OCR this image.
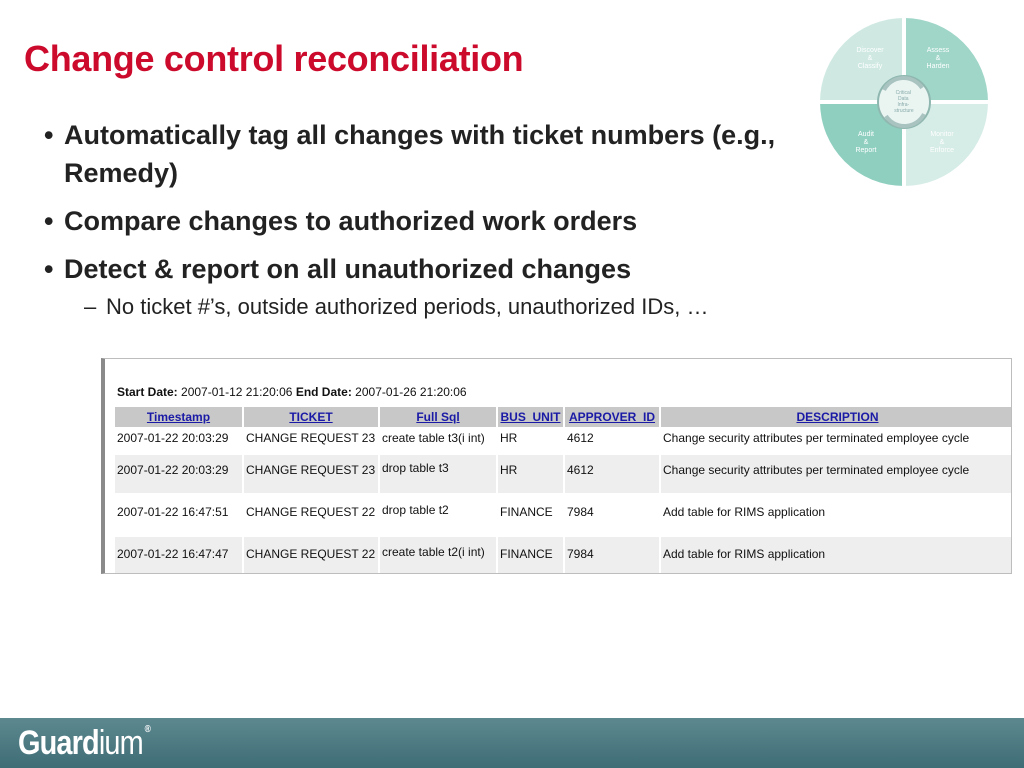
Change control reconciliation
• Automatically tag all changes with ticket numbers (e.g., Remedy)
• Compare changes to authorized work orders
• Detect & report on all unauthorized changes
– No ticket #’s, outside authorized periods, unauthorized IDs, …
Critical Data Infra- structure
Discover & Classify
Assess & Harden
Audit & Report
Monitor & Enforce
Start Date: 2007-01-12 21:20:06 End Date: 2007-01-26 21:20:06
Timestamp	TICKET	Full Sql	BUS_UNIT	APPROVER_ID	DESCRIPTION
2007-01-22 20:03:29	CHANGE REQUEST 23	create table t3(i int)	HR	4612	Change security attributes per terminated employee cycle
2007-01-22 20:03:29	CHANGE REQUEST 23	drop table t3	HR	4612	Change security attributes per terminated employee cycle
2007-01-22 16:47:51	CHANGE REQUEST 22	drop table t2	FINANCE	7984	Add table for RIMS application
2007-01-22 16:47:47	CHANGE REQUEST 22	create table t2(i int)	FINANCE	7984	Add table for RIMS application
Guardium ®
